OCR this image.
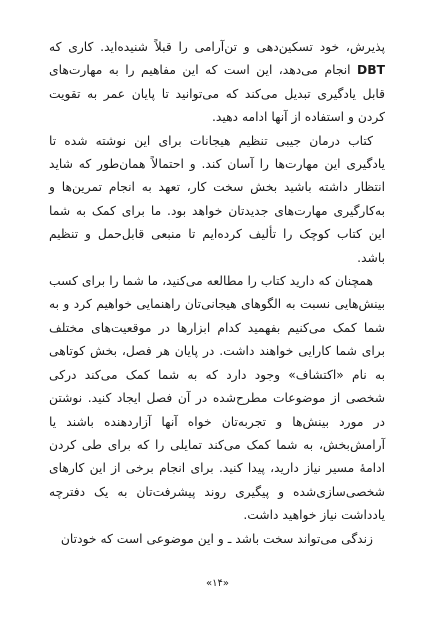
پذیرش، خود تسکین‌دهی و تن‌آرامی را قبلاً شنیده‌اید. کاری که DBT انجام می‌دهد، این است که این مفاهیم را به مهارت‌های قابل یادگیری تبدیل می‌کند که می‌توانید تا پایان عمر به تقویت کردن و استفاده از آنها ادامه دهید.

کتاب درمان جیبی تنظیم هیجانات برای این نوشته شده تا یادگیری این مهارت‌ها را آسان کند. و احتمالاً همان‌طور که شاید انتظار داشته باشید بخش سخت کار، تعهد به انجام تمرین‌ها و به‌کارگیری مهارت‌های جدیدتان خواهد بود. ما برای کمک به شما این کتاب کوچک را تألیف کرده‌ایم تا منبعی قابل‌حمل و تنظیم باشد.

همچنان که دارید کتاب را مطالعه می‌کنید، ما شما را برای کسب بینش‌هایی نسبت به الگوهای هیجانی‌تان راهنمایی خواهیم کرد و به شما کمک می‌کنیم بفهمید کدام ابزارها در موقعیت‌های مختلف برای شما کارایی خواهند داشت. در پایان هر فصل، بخش کوتاهی به نام «اکتشاف» وجود دارد که به شما کمک می‌کند درکی شخصی از موضوعات مطرح‌شده در آن فصل ایجاد کنید. نوشتن در مورد بینش‌ها و تجربه‌تان خواه آنها آزاردهنده باشند یا آرامش‌بخش، به شما کمک می‌کند تمایلی را که برای طی کردن ادامهٔ مسیر نیاز دارید، پیدا کنید. برای انجام برخی از این کارهای شخصی‌سازی‌شده و پیگیری روند پیشرفت‌تان به یک دفترچه یادداشت نیاز خواهید داشت.

زندگی می‌تواند سخت باشد ـ و این موضوعی است که خودتان

«۱۴»
